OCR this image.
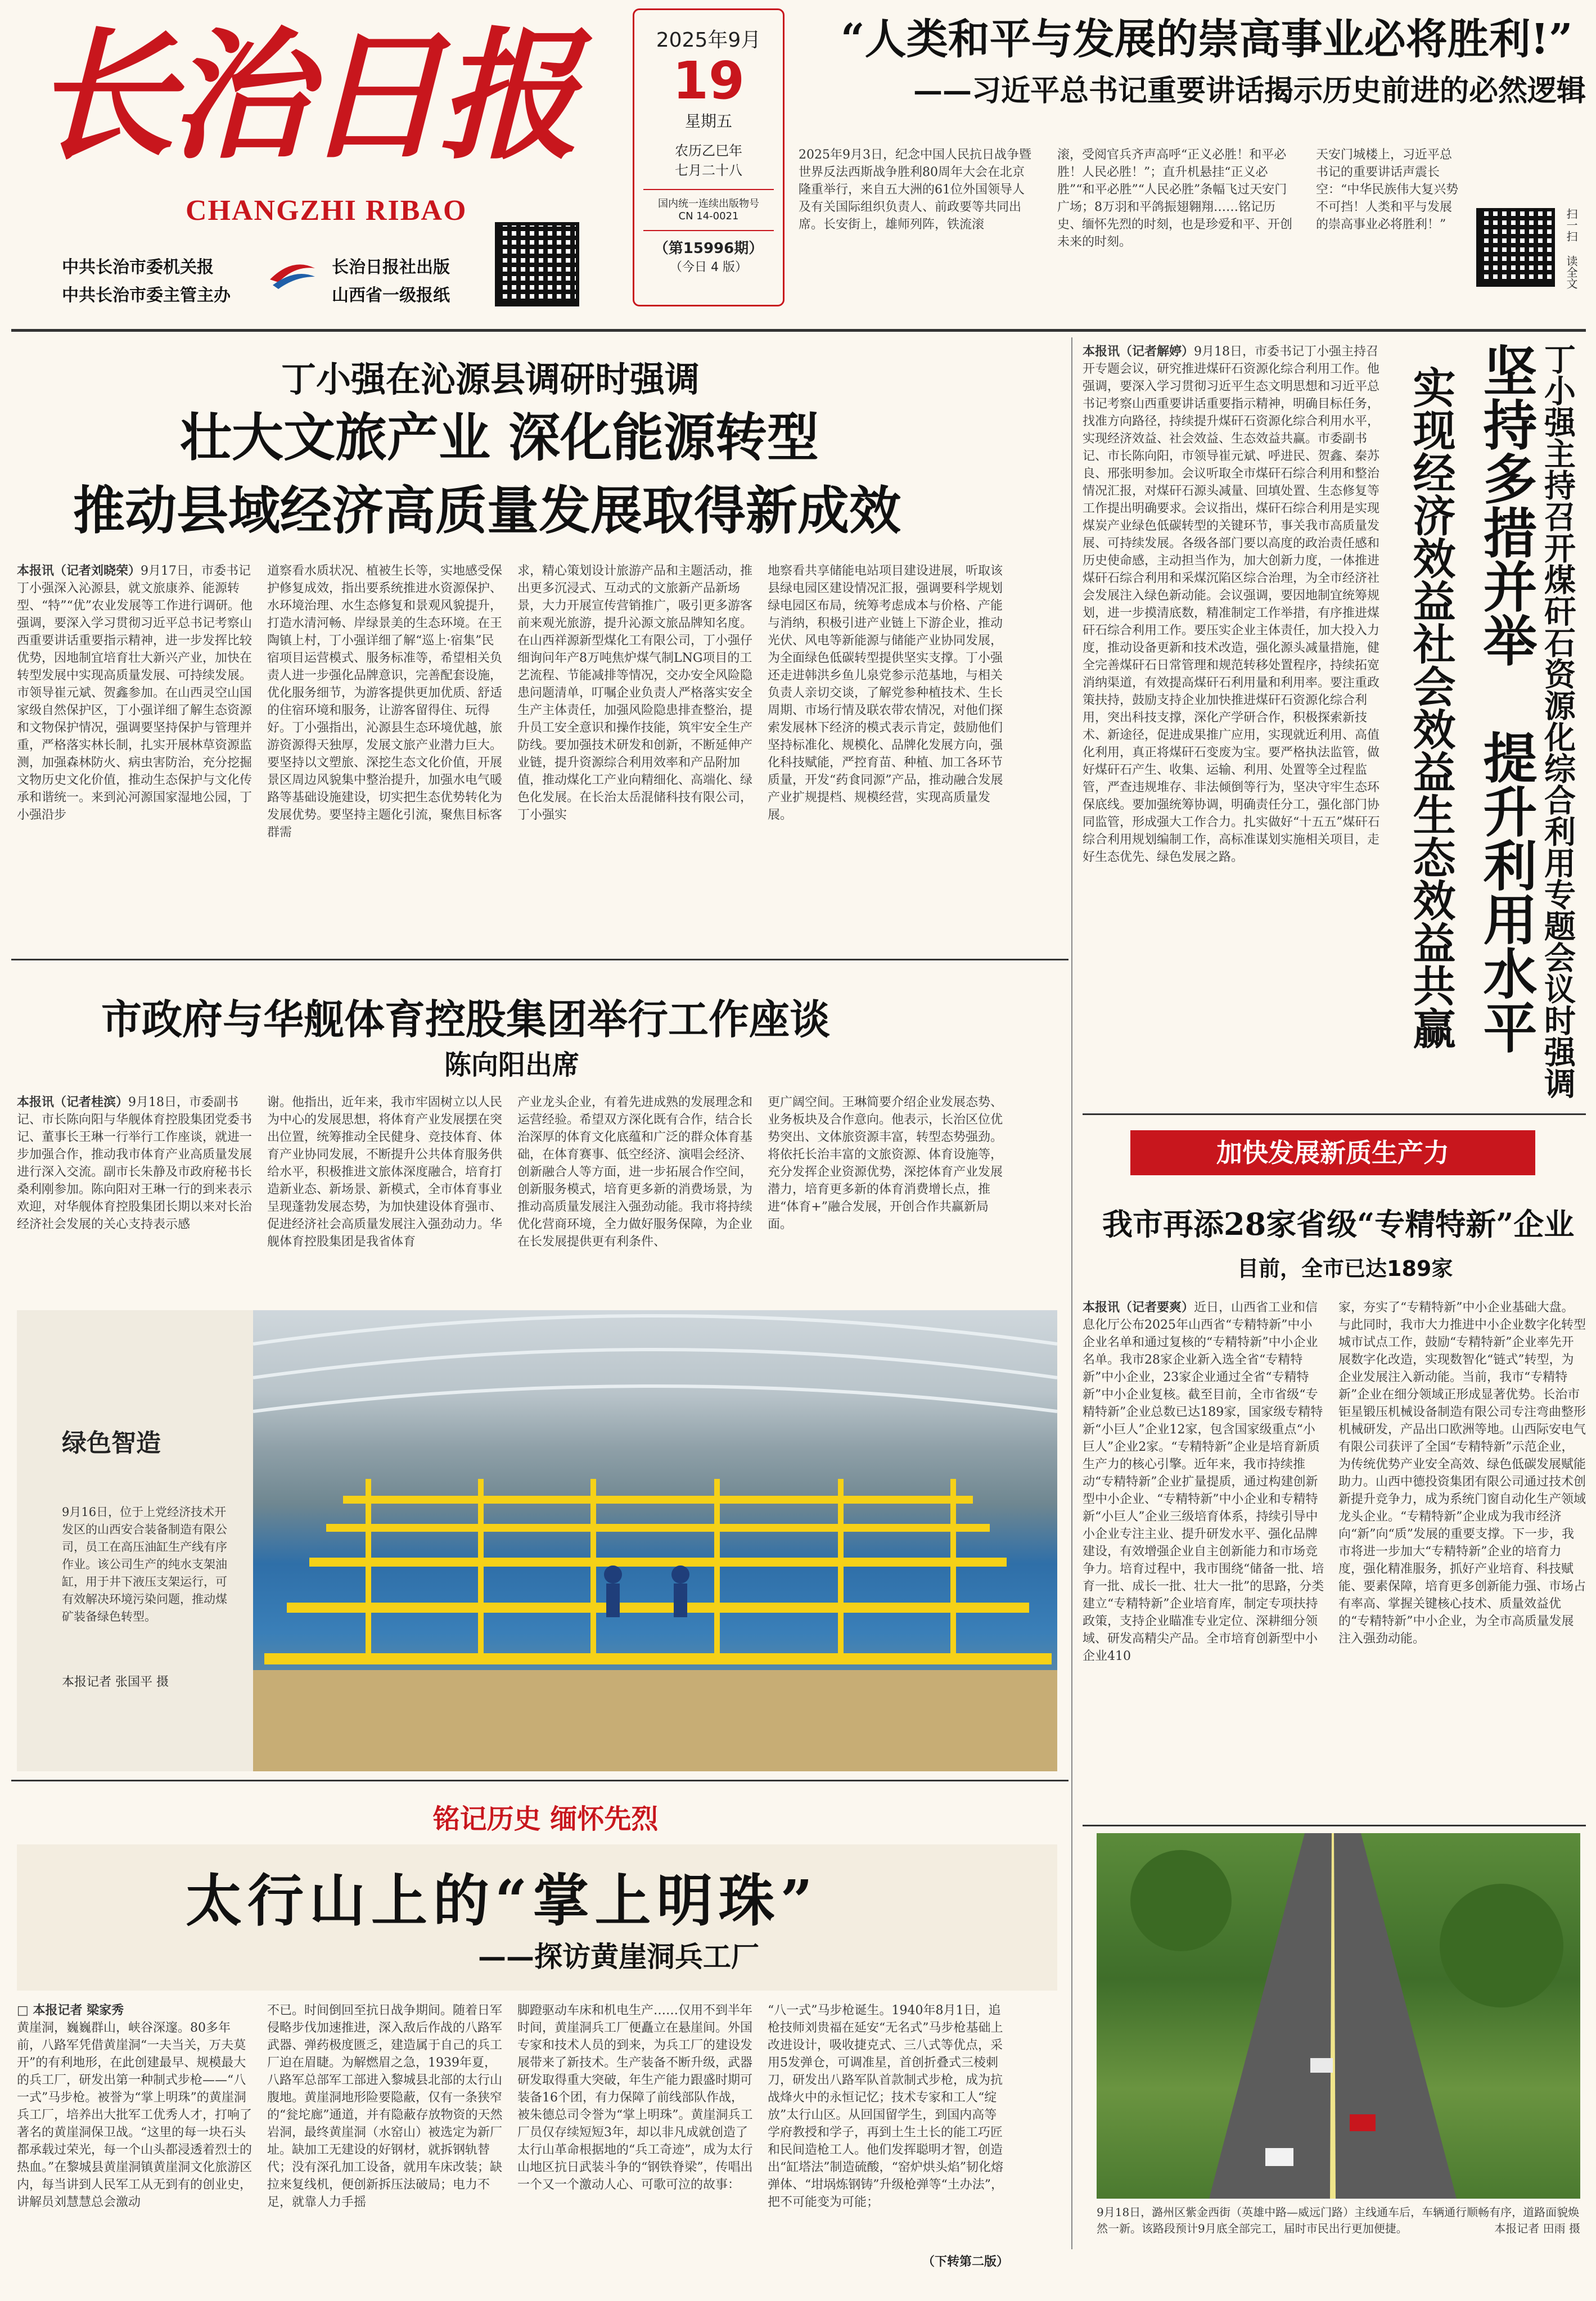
长治日报
CHANGZHI RIBAO
中共长治市委机关报
中共长治市委主管主办
长治日报社出版
山西省一级报纸
2025年9月
19
星期五
农历乙巳年
七月二十八
国内统一连续出版物号
CN 14-0021
（第15996期）
（今日 4 版）
“人类和平与发展的崇高事业必将胜利!”
——习近平总书记重要讲话揭示历史前进的必然逻辑
2025年9月3日，纪念中国人民抗日战争暨世界反法西斯战争胜利80周年大会在北京隆重举行，来自五大洲的61位外国领导人及有关国际组织负责人、前政要等共同出席。长安街上，雄师列阵，铁流滚
滚，受阅官兵齐声高呼“正义必胜！和平必胜！人民必胜！”；直升机悬挂“正义必胜”“和平必胜”“人民必胜”条幅飞过天安门广场；8万羽和平鸽振翅翱翔……铭记历史、缅怀先烈的时刻，也是珍爱和平、开创未来的时刻。
天安门城楼上，习近平总书记的重要讲话声震长空：“中华民族伟大复兴势不可挡！人类和平与发展的崇高事业必将胜利！”	扫一扫 读全文
丁小强在沁源县调研时强调
壮大文旅产业 深化能源转型
推动县域经济高质量发展取得新成效
本报讯（记者刘晓荣）9月17日，市委书记丁小强深入沁源县，就文旅康养、能源转型、“特”“优”农业发展等工作进行调研。他强调，要深入学习贯彻习近平总书记考察山西重要讲话重要指示精神，进一步发挥比较优势，因地制宜培育壮大新兴产业，加快在转型发展中实现高质量发展、可持续发展。市领导崔元斌、贺鑫参加。在山西灵空山国家级自然保护区，丁小强详细了解生态资源和文物保护情况，强调要坚持保护与管理并重，严格落实林长制，扎实开展林草资源监测，加强森林防火、病虫害防治，充分挖掘文物历史文化价值，推动生态保护与文化传承和谐统一。来到沁河源国家湿地公园，丁小强沿步
道察看水质状况、植被生长等，实地感受保护修复成效，指出要系统推进水资源保护、水环境治理、水生态修复和景观风貌提升，打造水清河畅、岸绿景美的生态环境。在王陶镇上村，丁小强详细了解“巡上·宿集”民宿项目运营模式、服务标准等，希望相关负责人进一步强化品牌意识，完善配套设施，优化服务细节，为游客提供更加优质、舒适的住宿环境和服务，让游客留得住、玩得好。丁小强指出，沁源县生态环境优越，旅游资源得天独厚，发展文旅产业潜力巨大。要坚持以文塑旅、深挖生态文化价值，开展景区周边风貌集中整治提升，加强水电气暖路等基础设施建设，切实把生态优势转化为发展优势。要坚持主题化引流，聚焦目标客群需
求，精心策划设计旅游产品和主题活动，推出更多沉浸式、互动式的文旅新产品新场景，大力开展宣传营销推广，吸引更多游客前来观光旅游，提升沁源文旅品牌知名度。在山西祥源新型煤化工有限公司，丁小强仔细询问年产8万吨焦炉煤气制LNG项目的工艺流程、节能减排等情况，交办安全风险隐患问题清单，叮嘱企业负责人严格落实安全生产主体责任，加强风险隐患排查整治，提升员工安全意识和操作技能，筑牢安全生产防线。要加强技术研发和创新，不断延伸产业链，提升资源综合利用效率和产品附加值，推动煤化工产业向精细化、高端化、绿色化发展。在长治太岳混储科技有限公司，丁小强实
地察看共享储能电站项目建设进展，听取该县绿电园区建设情况汇报，强调要科学规划绿电园区布局，统筹考虑成本与价格、产能与消纳，积极引进产业链上下游企业，推动光伏、风电等新能源与储能产业协同发展，为全面绿色低碳转型提供坚实支撑。丁小强还走进韩洪乡鱼儿泉党参示范基地，与相关负责人亲切交谈，了解党参种植技术、生长周期、市场行情及联农带农情况，对他们探索发展林下经济的模式表示肯定，鼓励他们坚持标准化、规模化、品牌化发展方向，强化科技赋能，严控育苗、种植、加工各环节质量，开发“药食同源”产品，推动融合发展产业扩规提档、规模经营，实现高质量发展。
本报讯（记者解婷）9月18日，市委书记丁小强主持召开专题会议，研究推进煤矸石资源化综合利用工作。他强调，要深入学习贯彻习近平生态文明思想和习近平总书记考察山西重要讲话重要指示精神，明确目标任务，找准方向路径，持续提升煤矸石资源化综合利用水平，实现经济效益、社会效益、生态效益共赢。市委副书记、市长陈向阳，市领导崔元斌、呼进民、贺鑫、秦苏良、邢张明参加。会议听取全市煤矸石综合利用和整治情况汇报，对煤矸石源头减量、回填处置、生态修复等工作提出明确要求。会议指出，煤矸石综合利用是实现煤炭产业绿色低碳转型的关键环节，事关我市高质量发展、可持续发展。各级各部门要以高度的政治责任感和历史使命感，主动担当作为，加大创新力度，一体推进煤矸石综合利用和采煤沉陷区综合治理，为全市经济社会发展注入绿色新动能。会议强调，要因地制宜统筹规划，进一步摸清底数，精准制定工作举措，有序推进煤矸石综合利用工作。要压实企业主体责任，加大投入力度，推动设备更新和技术改造，强化源头减量措施，健全完善煤矸石日常管理和规范转移处置程序，持续拓宽消纳渠道，有效提高煤矸石利用量和利用率。要注重政策扶持，鼓励支持企业加快推进煤矸石资源化综合利用，突出科技支撑，深化产学研合作，积极探索新技术、新途径，促进成果推广应用，实现就近利用、高值化利用，真正将煤矸石变废为宝。要严格执法监管，做好煤矸石产生、收集、运输、利用、处置等全过程监管，严查违规堆存、非法倾倒等行为，坚决守牢生态环保底线。要加强统筹协调，明确责任分工，强化部门协同监管，形成强大工作合力。扎实做好“十五五”煤矸石综合利用规划编制工作，高标准谋划实施相关项目，走好生态优先、绿色发展之路。	丁小强主持召开煤矸石资源化综合利用专题会议时强调
坚持多措并举 提升利用水平
实现经济效益社会效益生态效益共赢
市政府与华舰体育控股集团举行工作座谈
陈向阳出席
本报讯（记者桂滨）9月18日，市委副书记、市长陈向阳与华舰体育控股集团党委书记、董事长王琳一行举行工作座谈，就进一步加强合作，推动我市体育产业高质量发展进行深入交流。副市长朱静及市政府秘书长桑利刚参加。陈向阳对王琳一行的到来表示欢迎，对华舰体育控股集团长期以来对长治经济社会发展的关心支持表示感
谢。他指出，近年来，我市牢固树立以人民为中心的发展思想，将体育产业发展摆在突出位置，统筹推动全民健身、竞技体育、体育产业协同发展，不断提升公共体育服务供给水平，积极推进文旅体深度融合，培育打造新业态、新场景、新模式，全市体育事业呈现蓬勃发展态势，为加快建设体育强市、促进经济社会高质量发展注入强劲动力。华舰体育控股集团是我省体育
产业龙头企业，有着先进成熟的发展理念和运营经验。希望双方深化既有合作，结合长治深厚的体育文化底蕴和广泛的群众体育基础，在体育赛事、低空经济、演唱会经济、创新融合人等方面，进一步拓展合作空间，创新服务模式，培育更多新的消费场景，为推动高质量发展注入强劲动能。我市将持续优化营商环境，全力做好服务保障，为企业在长发展提供更有利条件、
更广阔空间。王琳简要介绍企业发展态势、业务板块及合作意向。他表示，长治区位优势突出、文体旅资源丰富，转型态势强劲。将依托长治丰富的文旅资源、体育设施等，充分发挥企业资源优势，深挖体育产业发展潜力，培育更多新的体育消费增长点，推进“体育+”融合发展，开创合作共赢新局面。
绿色智造
9月16日，位于上党经济技术开发区的山西安合装备制造有限公司，员工在高压油缸生产线有序作业。该公司生产的纯水支架油缸，用于井下液压支架运行，可有效解决环境污染问题，推动煤矿装备绿色转型。
本报记者 张国平 摄
加快发展新质生产力
我市再添28家省级“专精特新”企业
目前，全市已达189家
本报讯（记者要爽）近日，山西省工业和信息化厅公布2025年山西省“专精特新”中小企业名单和通过复核的“专精特新”中小企业名单。我市28家企业新入选全省“专精特新”中小企业，23家企业通过全省“专精特新”中小企业复核。截至目前，全市省级“专精特新”企业总数已达189家，国家级专精特新“小巨人”企业12家，包含国家级重点“小巨人”企业2家。“专精特新”企业是培育新质生产力的核心引擎。近年来，我市持续推动“专精特新”企业扩量提质，通过构建创新型中小企业、“专精特新”中小企业和专精特新“小巨人”企业三级培育体系，持续引导中小企业专注主业、提升研发水平、强化品牌建设，有效增强企业自主创新能力和市场竞争力。培育过程中，我市围绕“储备一批、培育一批、成长一批、壮大一批”的思路，分类建立“专精特新”企业培育库，制定专项扶持政策，支持企业瞄准专业定位、深耕细分领域、研发高精尖产品。全市培育创新型中小企业410
家，夯实了“专精特新”中小企业基础大盘。与此同时，我市大力推进中小企业数字化转型城市试点工作，鼓励“专精特新”企业率先开展数字化改造，实现数智化“链式”转型，为企业发展注入新动能。当前，我市“专精特新”企业在细分领域正形成显著优势。长治市钜星锻压机械设备制造有限公司专注弯曲整形机械研发，产品出口欧洲等地。山西际安电气有限公司获评了全国“专精特新”示范企业，为传统优势产业安全高效、绿色低碳发展赋能助力。山西中德投资集团有限公司通过技术创新提升竞争力，成为系统门窗自动化生产领域龙头企业。“专精特新”企业成为我市经济向“新”向“质”发展的重要支撑。下一步，我市将进一步加大“专精特新”企业的培育力度，强化精准服务，抓好产业培育、科技赋能、要素保障，培育更多创新能力强、市场占有率高、掌握关键核心技术、质量效益优的“专精特新”中小企业，为全市高质量发展注入强劲动能。
9月18日，潞州区紫金西街（英雄中路—威远门路）主线通车后，车辆通行顺畅有序，道路面貌焕然一新。该路段预计9月底全部完工，届时市民出行更加便捷。	本报记者 田雨 摄
铭记历史 缅怀先烈
太行山上的“掌上明珠”
——探访黄崖洞兵工厂
□ 本报记者 梁家秀
黄崖洞，巍巍群山，峡谷深邃。80多年前，八路军凭借黄崖洞“一夫当关，万夫莫开”的有利地形，在此创建最早、规模最大的兵工厂，研发出第一种制式步枪——“八一式”马步枪。被誉为“掌上明珠”的黄崖洞兵工厂，培养出大批军工优秀人才，打响了著名的黄崖洞保卫战。“这里的每一块石头都承载过荣光，每一个山头都浸透着烈士的热血。”在黎城县黄崖洞镇黄崖洞文化旅游区内，每当讲到人民军工从无到有的创业史，讲解员刘慧慧总会激动
不已。时间倒回至抗日战争期间。随着日军侵略步伐加速推进，深入敌后作战的八路军武器、弹药极度匮乏，建造属于自己的兵工厂迫在眉睫。为解燃眉之急，1939年夏，八路军总部军工部进入黎城县北部的太行山腹地。黄崖洞地形险要隐蔽，仅有一条狭窄的“瓮坨廊”通道，并有隐蔽存放物资的天然岩洞，最终黄崖洞（水窑山）被选定为新厂址。缺加工无建设的好钢材，就拆钢轨替代；没有深孔加工设备，就用车床改装；缺拉来复线机，便创新拆压法破局；电力不足，就靠人力手摇
脚蹬驱动车床和机电生产……仅用不到半年时间，黄崖洞兵工厂便矗立在悬崖间。外国专家和技术人员的到来，为兵工厂的建设发展带来了新技术。生产装备不断升级，武器研发取得重大突破，年生产能力跟盛时期可装备16个团，有力保障了前线部队作战，被朱德总司令誉为“掌上明珠”。黄崖洞兵工厂员仅存续短短3年，却以非凡成就创造了太行山革命根据地的“兵工奇迹”，成为太行山地区抗日武装斗争的“钢铁脊梁”，传唱出一个又一个激动人心、可歌可泣的故事：
“八一式”马步枪诞生。1940年8月1日，追枪技师刘贵福在延安“无名式”马步枪基础上改进设计，吸收捷克式、三八式等优点，采用5发弹仓，可调准星，首创折叠式三棱刺刀，研发出八路军队首款制式步枪，成为抗战烽火中的永恒记忆；技术专家和工人“绽放”太行山区。从回国留学生，到国内高等学府教授和学子，再到土生土长的能工巧匠和民间造枪工人。他们发挥聪明才智，创造出“缸塔法”制造硫酸，“窑炉烘头焰”韧化熔弹体、“坩埚炼钢铸”升级枪弹等“土办法”，把不可能变为可能；
（下转第二版）
